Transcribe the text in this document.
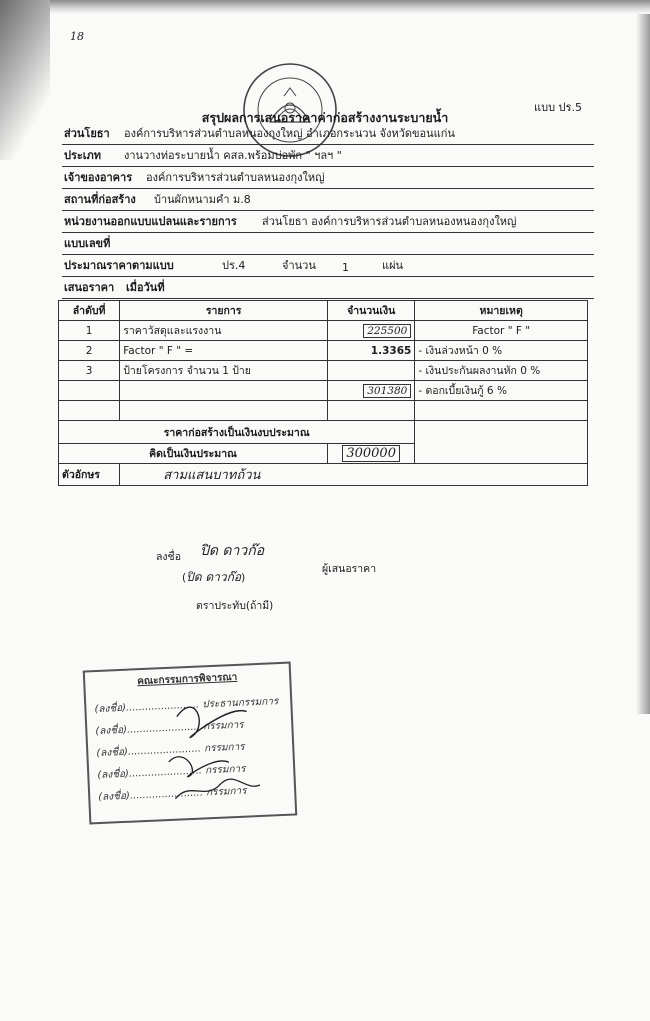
18
แบบ ปร.5
สรุปผลการเสนอราคาค่าก่อสร้างงานระบายน้ำ
ส่วนโยธา องค์การบริหารส่วนตำบลหนองกุงใหญ่ อำเภอกระนวน จังหวัดขอนแก่น
ประเภท งานวางท่อระบายน้ำ คสล.พร้อมบ่อพัก " ฯลฯ "
เจ้าของอาคาร องค์การบริหารส่วนตำบลหนองกุงใหญ่
สถานที่ก่อสร้าง บ้านผักหนามคำ ม.8
หน่วยงานออกแบบแปลนและรายการ ส่วนโยธา องค์การบริหารส่วนตำบลหนองหนองกุงใหญ่
แบบเลขที่
ประมาณราคาตามแบบ	ปร.4	จำนวน 1	แผ่น
เสนอราคา เมื่อวันที่
ลำดับที่	รายการ	จำนวนเงิน	หมายเหตุ
1	ราคาวัสดุและแรงงาน	225500	Factor " F "
2	Factor " F " =	1.3365	- เงินล่วงหน้า 0 %
3	ป้ายโครงการ จำนวน 1 ป้าย		- เงินประกันผลงานหัก 0 %
		301380	- ดอกเบี้ยเงินกู้ 6 %

ราคาก่อสร้างเป็นเงินงบประมาณ			
คิดเป็นเงินประมาณ		300000	
ตัวอักษร	สามแสนบาทถ้วน		
ลงชื่อ ปิด ดาวก๊อ
(ปิด ดาวก๊อ)
ผู้เสนอราคา
ตราประทับ(ถ้ามี)
คณะกรรมการพิจารณา
(ลงชื่อ)....................... ประธานกรรมการ
(ลงชื่อ)....................... กรรมการ
(ลงชื่อ)....................... กรรมการ
(ลงชื่อ)....................... กรรมการ
(ลงชื่อ)....................... กรรมการ
